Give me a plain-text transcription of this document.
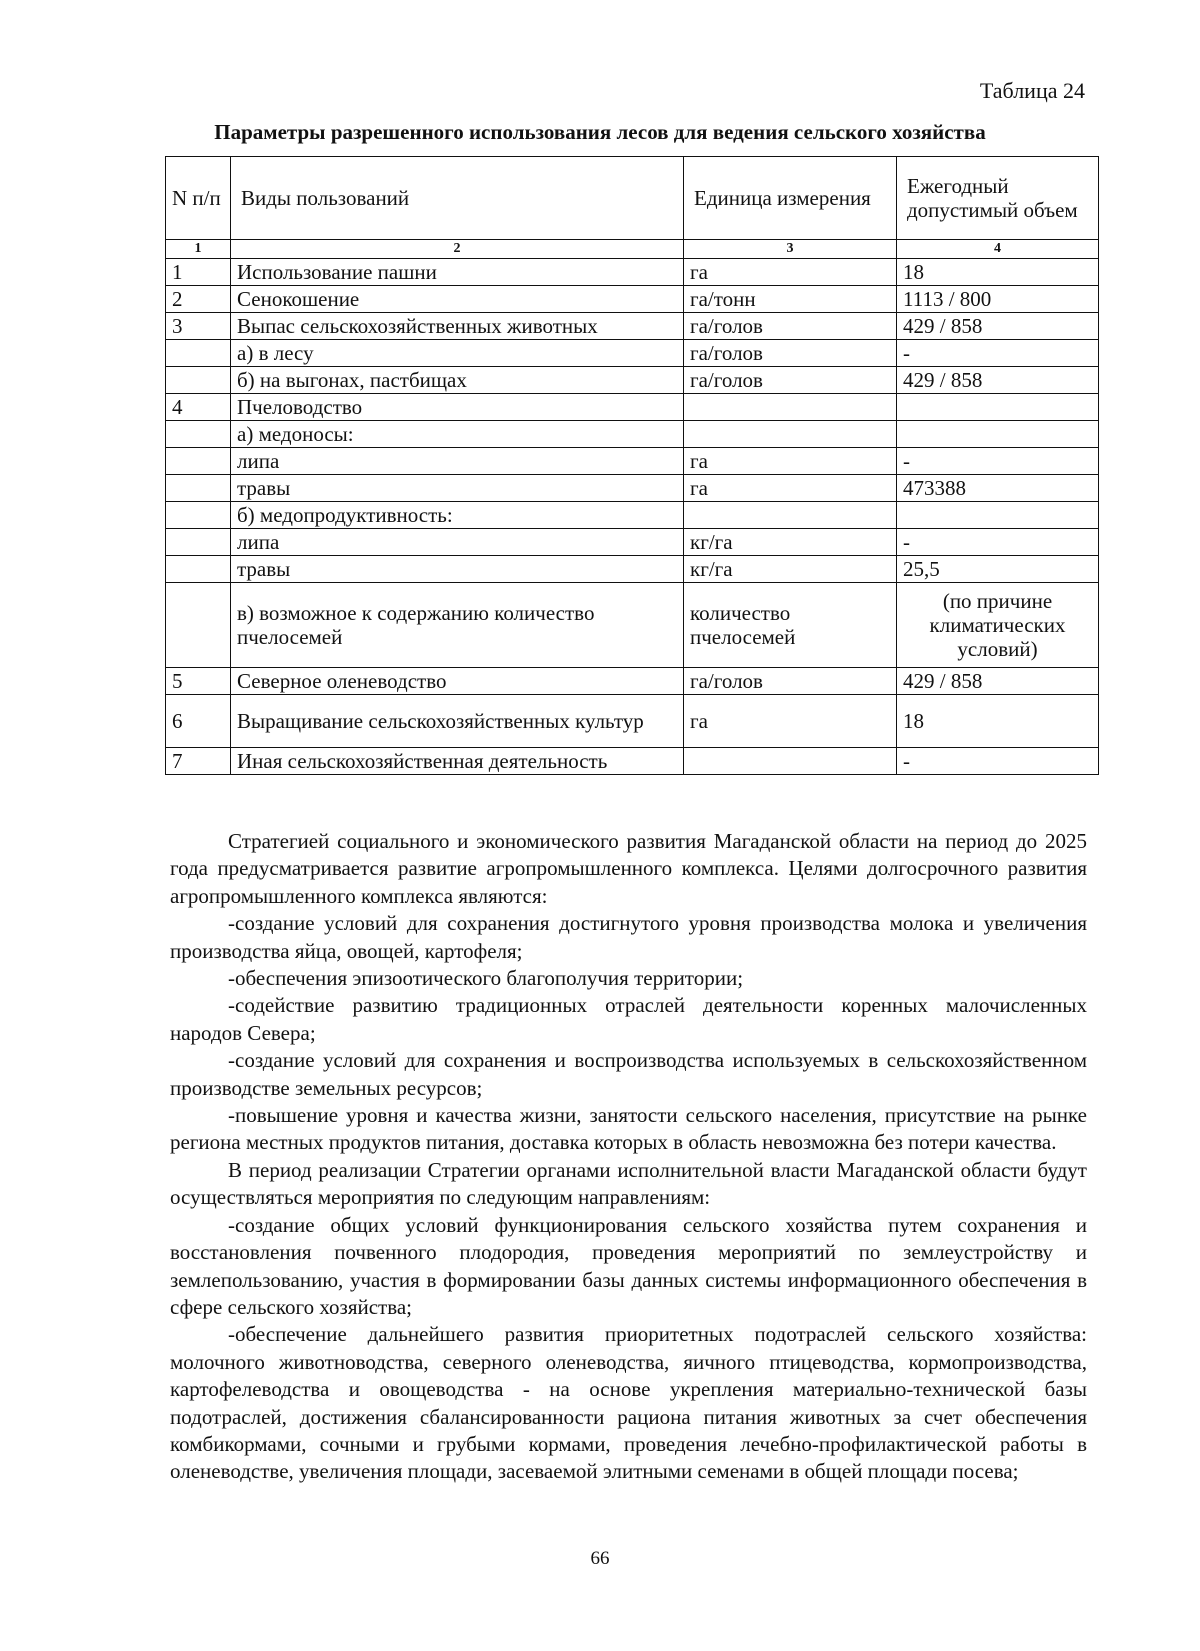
Таблица 24
Параметры разрешенного использования лесов для ведения сельского хозяйства
N п/п	Виды пользований	Единица измерения	Ежегодный допустимый объем
1	2	3	4
1	Использование пашни	га	18
2	Сенокошение	га/тонн	1113 / 800
3	Выпас сельскохозяйственных животных	га/голов	429 / 858
	а) в лесу	га/голов	-
	б) на выгонах, пастбищах	га/голов	429 / 858
4	Пчеловодство		
	а) медоносы:		
	липа	га	-
	травы	га	473388
	б) медопродуктивность:		
	липа	кг/га	-
	травы	кг/га	25,5
	в) возможное к содержанию количество пчелосемей	количество пчелосемей	(по причине климатических условий)
5	Северное оленеводство	га/голов	429 / 858
6	Выращивание сельскохозяйственных культур	га	18
7	Иная сельскохозяйственная деятельность		-

Стратегией социального и экономического развития Магаданской области на период до 2025 года предусматривается развитие агропромышленного комплекса. Целями долгосрочного развития агропромышленного комплекса являются:

-создание условий для сохранения достигнутого уровня производства молока и увеличения производства яйца, овощей, картофеля;

-обеспечения эпизоотического благополучия территории;

-содействие развитию традиционных отраслей деятельности коренных малочисленных народов Севера;

-создание условий для сохранения и воспроизводства используемых в сельскохозяйственном производстве земельных ресурсов;

-повышение уровня и качества жизни, занятости сельского населения, присутствие на рынке региона местных продуктов питания, доставка которых в область невозможна без потери качества.

В период реализации Стратегии органами исполнительной власти Магаданской области будут осуществляться мероприятия по следующим направлениям:

-создание общих условий функционирования сельского хозяйства путем сохранения и восстановления почвенного плодородия, проведения мероприятий по землеустройству и землепользованию, участия в формировании базы данных системы информационного обеспечения в сфере сельского хозяйства;

-обеспечение дальнейшего развития приоритетных подотраслей сельского хозяйства: молочного животноводства, северного оленеводства, яичного птицеводства, кормопроизводства, картофелеводства и овощеводства - на основе укрепления материально-технической базы подотраслей, достижения сбалансированности рациона питания животных за счет обеспечения комбикормами, сочными и грубыми кормами, проведения лечебно-профилактической работы в оленеводстве, увеличения площади, засеваемой элитными семенами в общей площади посева;

66
